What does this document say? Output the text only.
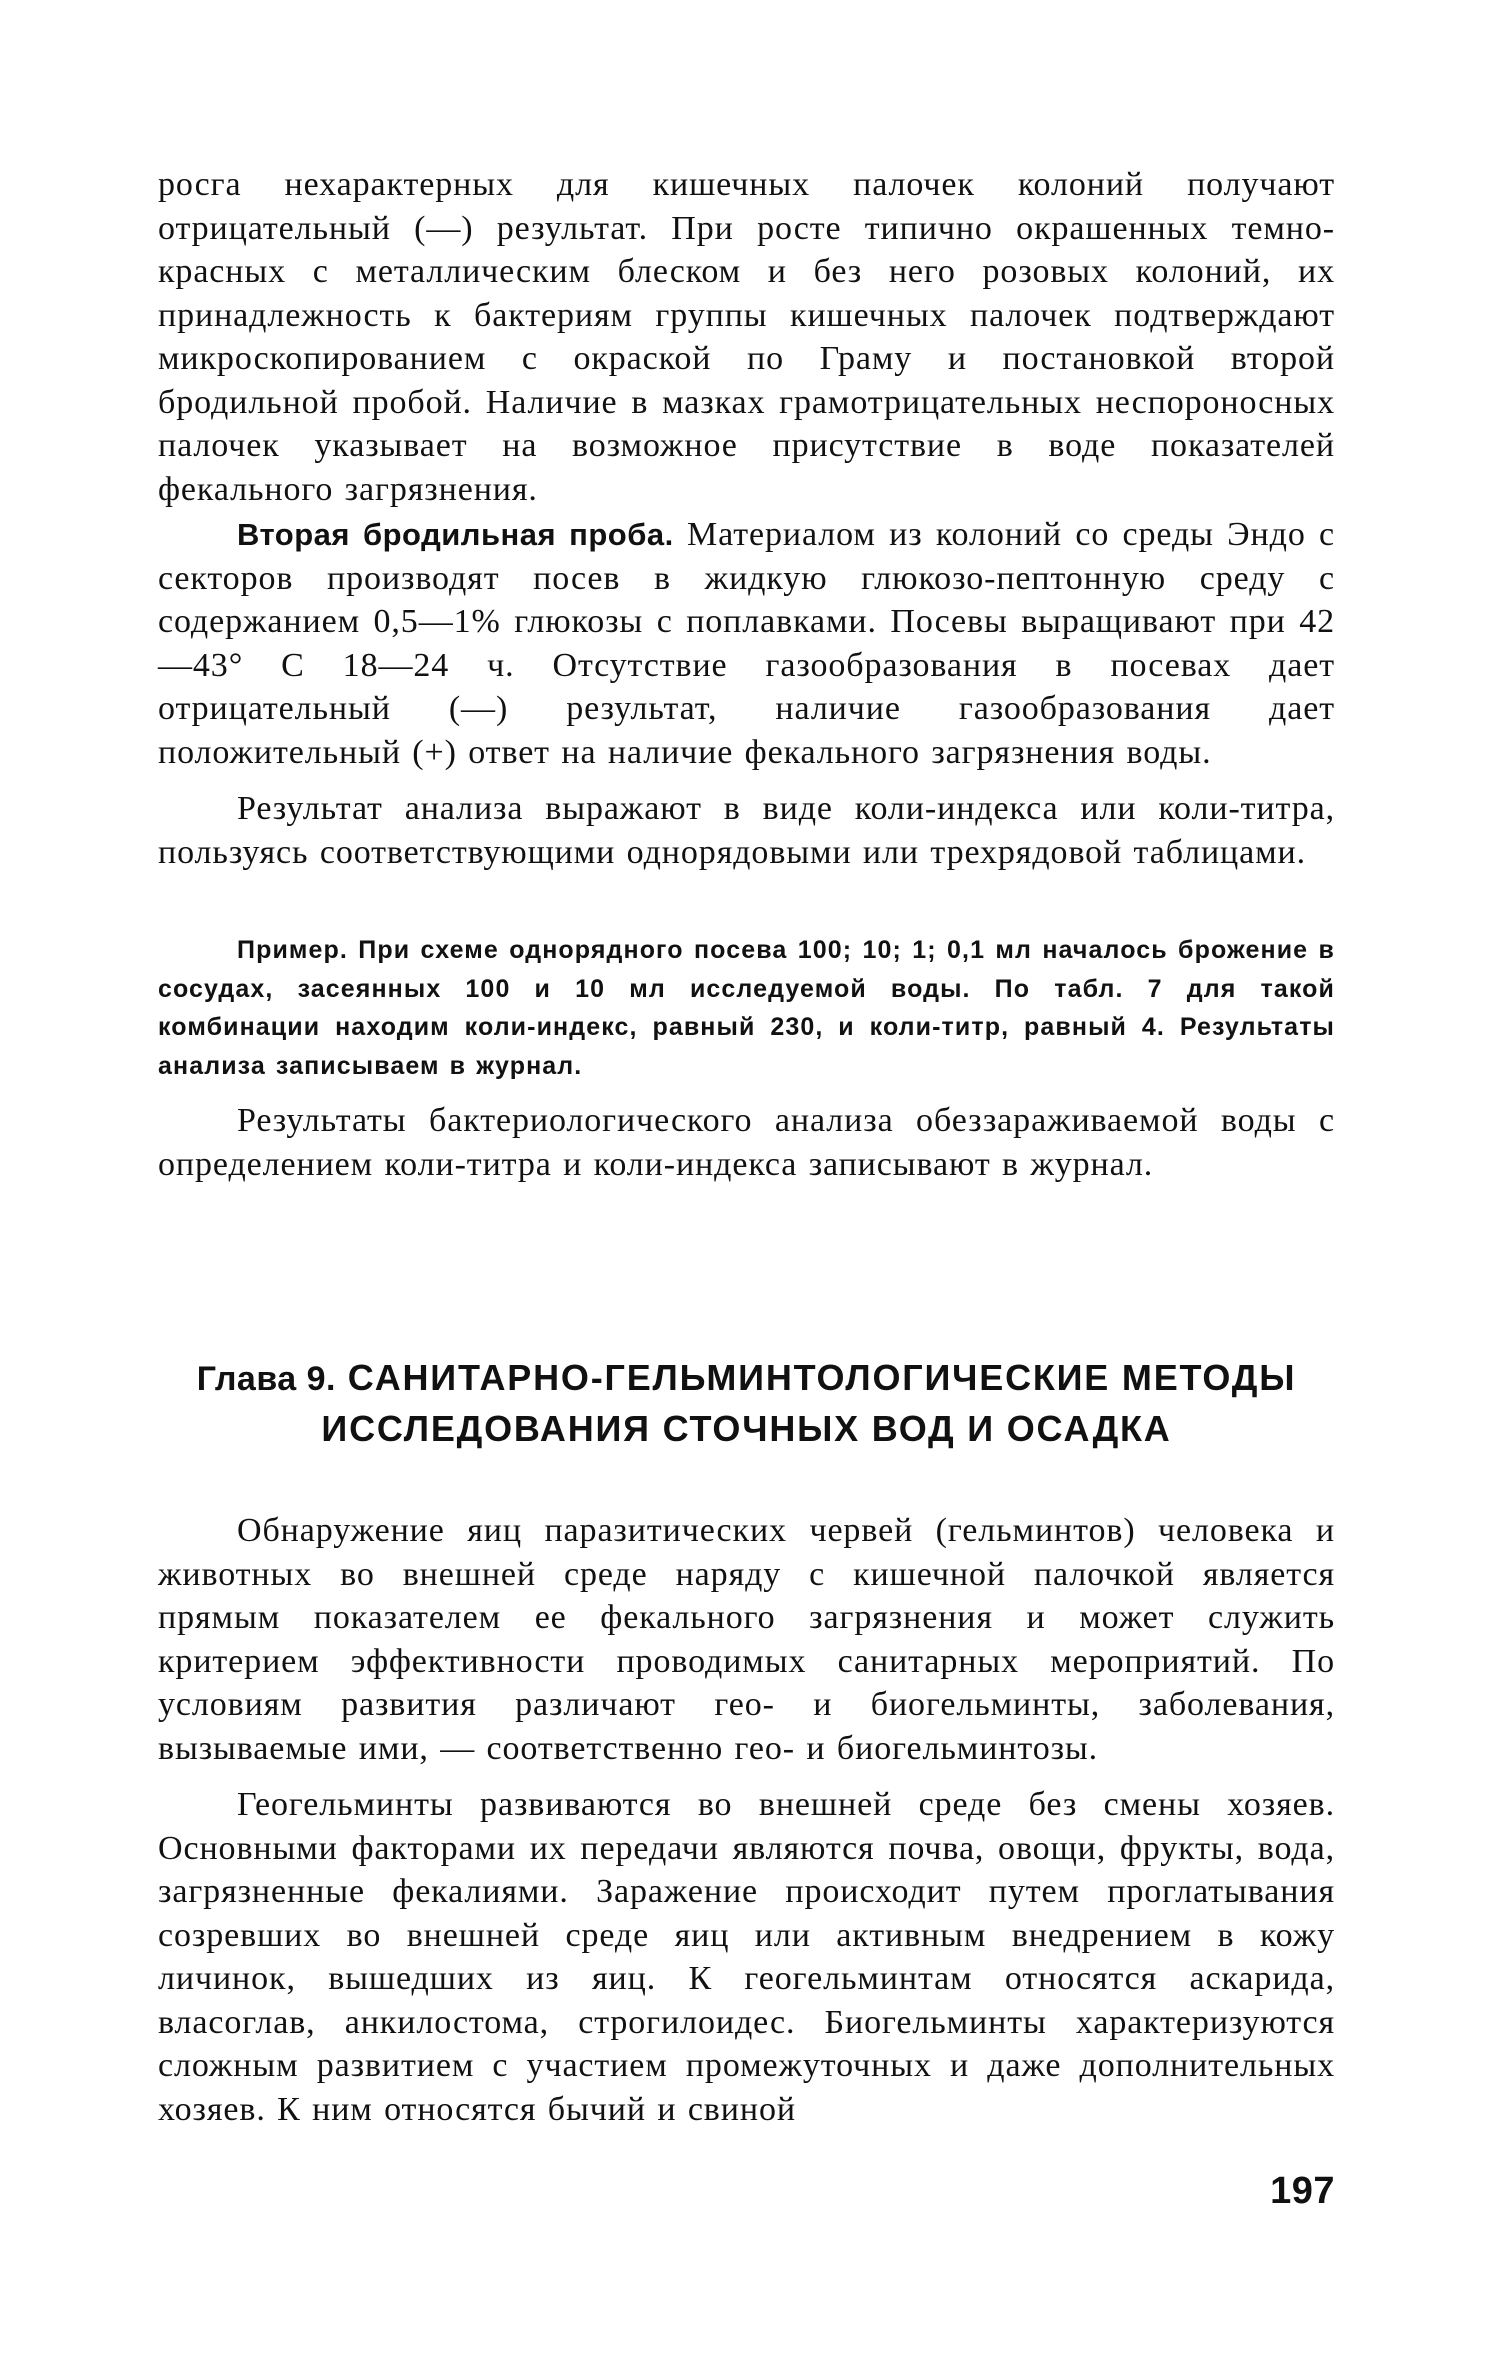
росга нехарактерных для кишечных палочек колоний получают отрицательный (—) результат. При росте типично окрашенных темно-красных с металлическим блеском и без него розовых колоний, их принадлежность к бактериям группы кишечных палочек подтверждают микроскопированием с окраской по Граму и постановкой второй бродильной пробой. Наличие в мазках грамотрицательных неспороносных палочек указывает на возможное присутствие в воде показателей фекального загрязнения.

Вторая бродильная проба. Материалом из колоний со среды Эндо с секторов производят посев в жидкую глюкозо-пептонную среду с содержанием 0,5—1% глюкозы с поплавками. Посевы выращивают при 42—43° С 18—24 ч. Отсутствие газообразования в посевах дает отрицательный (—) результат, наличие газообразования дает положительный (+) ответ на наличие фекального загрязнения воды.

Результат анализа выражают в виде коли-индекса или коли-титра, пользуясь соответствующими однорядовыми или трехрядовой таблицами.

Пример. При схеме однорядного посева 100; 10; 1; 0,1 мл началось брожение в сосудах, засеянных 100 и 10 мл исследуемой воды. По табл. 7 для такой комбинации находим коли-индекс, равный 230, и коли-титр, равный 4. Результаты анализа записываем в журнал.

Результаты бактериологического анализа обеззараживаемой воды с определением коли-титра и коли-индекса записывают в журнал.

Глава 9. САНИТАРНО-ГЕЛЬМИНТОЛОГИЧЕСКИЕ МЕТОДЫ
ИССЛЕДОВАНИЯ СТОЧНЫХ ВОД И ОСАДКА

Обнаружение яиц паразитических червей (гельминтов) человека и животных во внешней среде наряду с кишечной палочкой является прямым показателем ее фекального загрязнения и может служить критерием эффективности проводимых санитарных мероприятий. По условиям развития различают гео- и биогельминты, заболевания, вызываемые ими, — соответственно гео- и биогельминтозы.

Геогельминты развиваются во внешней среде без смены хозяев. Основными факторами их передачи являются почва, овощи, фрукты, вода, загрязненные фекалиями. Заражение происходит путем проглатывания созревших во внешней среде яиц или активным внедрением в кожу личинок, вышедших из яиц. К геогельминтам относятся аскарида, власоглав, анкилостома, строгилоидес. Биогельминты характеризуются сложным развитием с участием промежуточных и даже дополнительных хозяев. К ним относятся бычий и свиной

197
